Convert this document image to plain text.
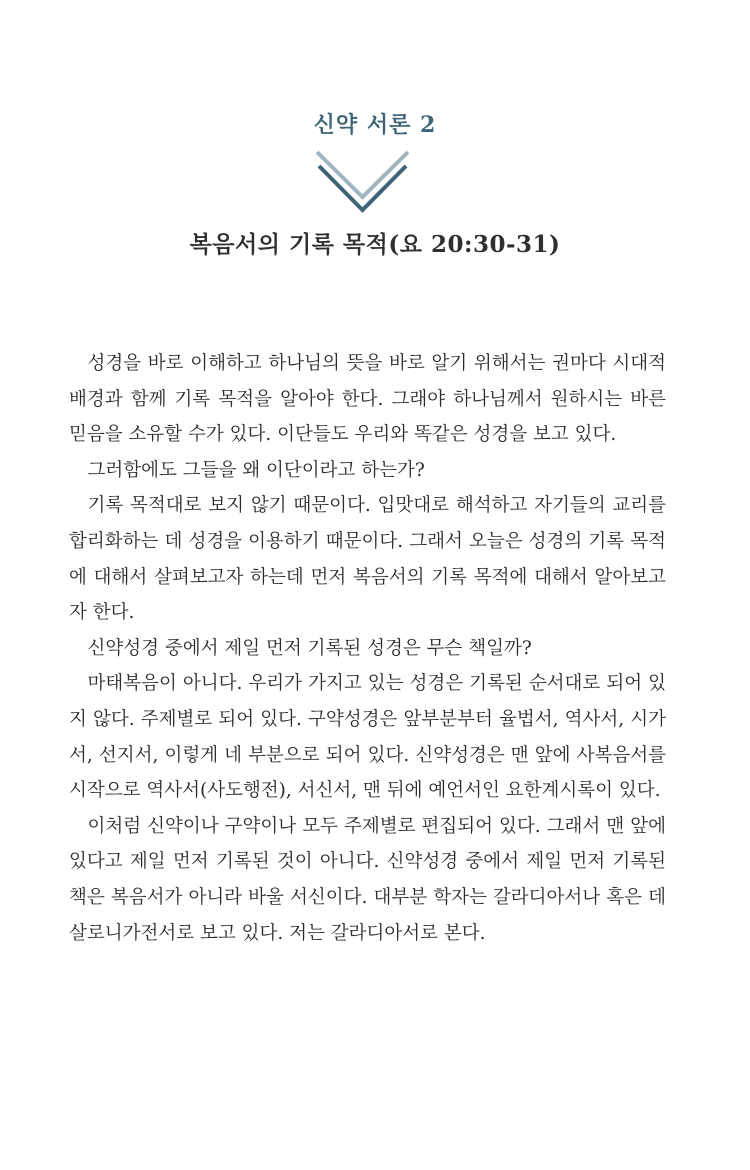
신약 서론 2
복음서의 기록 목적(요 20:30-31)

성경을 바로 이해하고 하나님의 뜻을 바로 알기 위해서는 권마다 시대적 배경과 함께 기록 목적을 알아야 한다. 그래야 하나님께서 원하시는 바른 믿음을 소유할 수가 있다. 이단들도 우리와 똑같은 성경을 보고 있다.

그러함에도 그들을 왜 이단이라고 하는가?

기록 목적대로 보지 않기 때문이다. 입맛대로 해석하고 자기들의 교리를 합리화하는 데 성경을 이용하기 때문이다. 그래서 오늘은 성경의 기록 목적에 대해서 살펴보고자 하는데 먼저 복음서의 기록 목적에 대해서 알아보고자 한다.

신약성경 중에서 제일 먼저 기록된 성경은 무슨 책일까?

마태복음이 아니다. 우리가 가지고 있는 성경은 기록된 순서대로 되어 있지 않다. 주제별로 되어 있다. 구약성경은 앞부분부터 율법서, 역사서, 시가서, 선지서, 이렇게 네 부분으로 되어 있다. 신약성경은 맨 앞에 사복음서를 시작으로 역사서(사도행전), 서신서, 맨 뒤에 예언서인 요한계시록이 있다.

이처럼 신약이나 구약이나 모두 주제별로 편집되어 있다. 그래서 맨 앞에 있다고 제일 먼저 기록된 것이 아니다. 신약성경 중에서 제일 먼저 기록된 책은 복음서가 아니라 바울 서신이다. 대부분 학자는 갈라디아서나 혹은 데살로니가전서로 보고 있다. 저는 갈라디아서로 본다.
